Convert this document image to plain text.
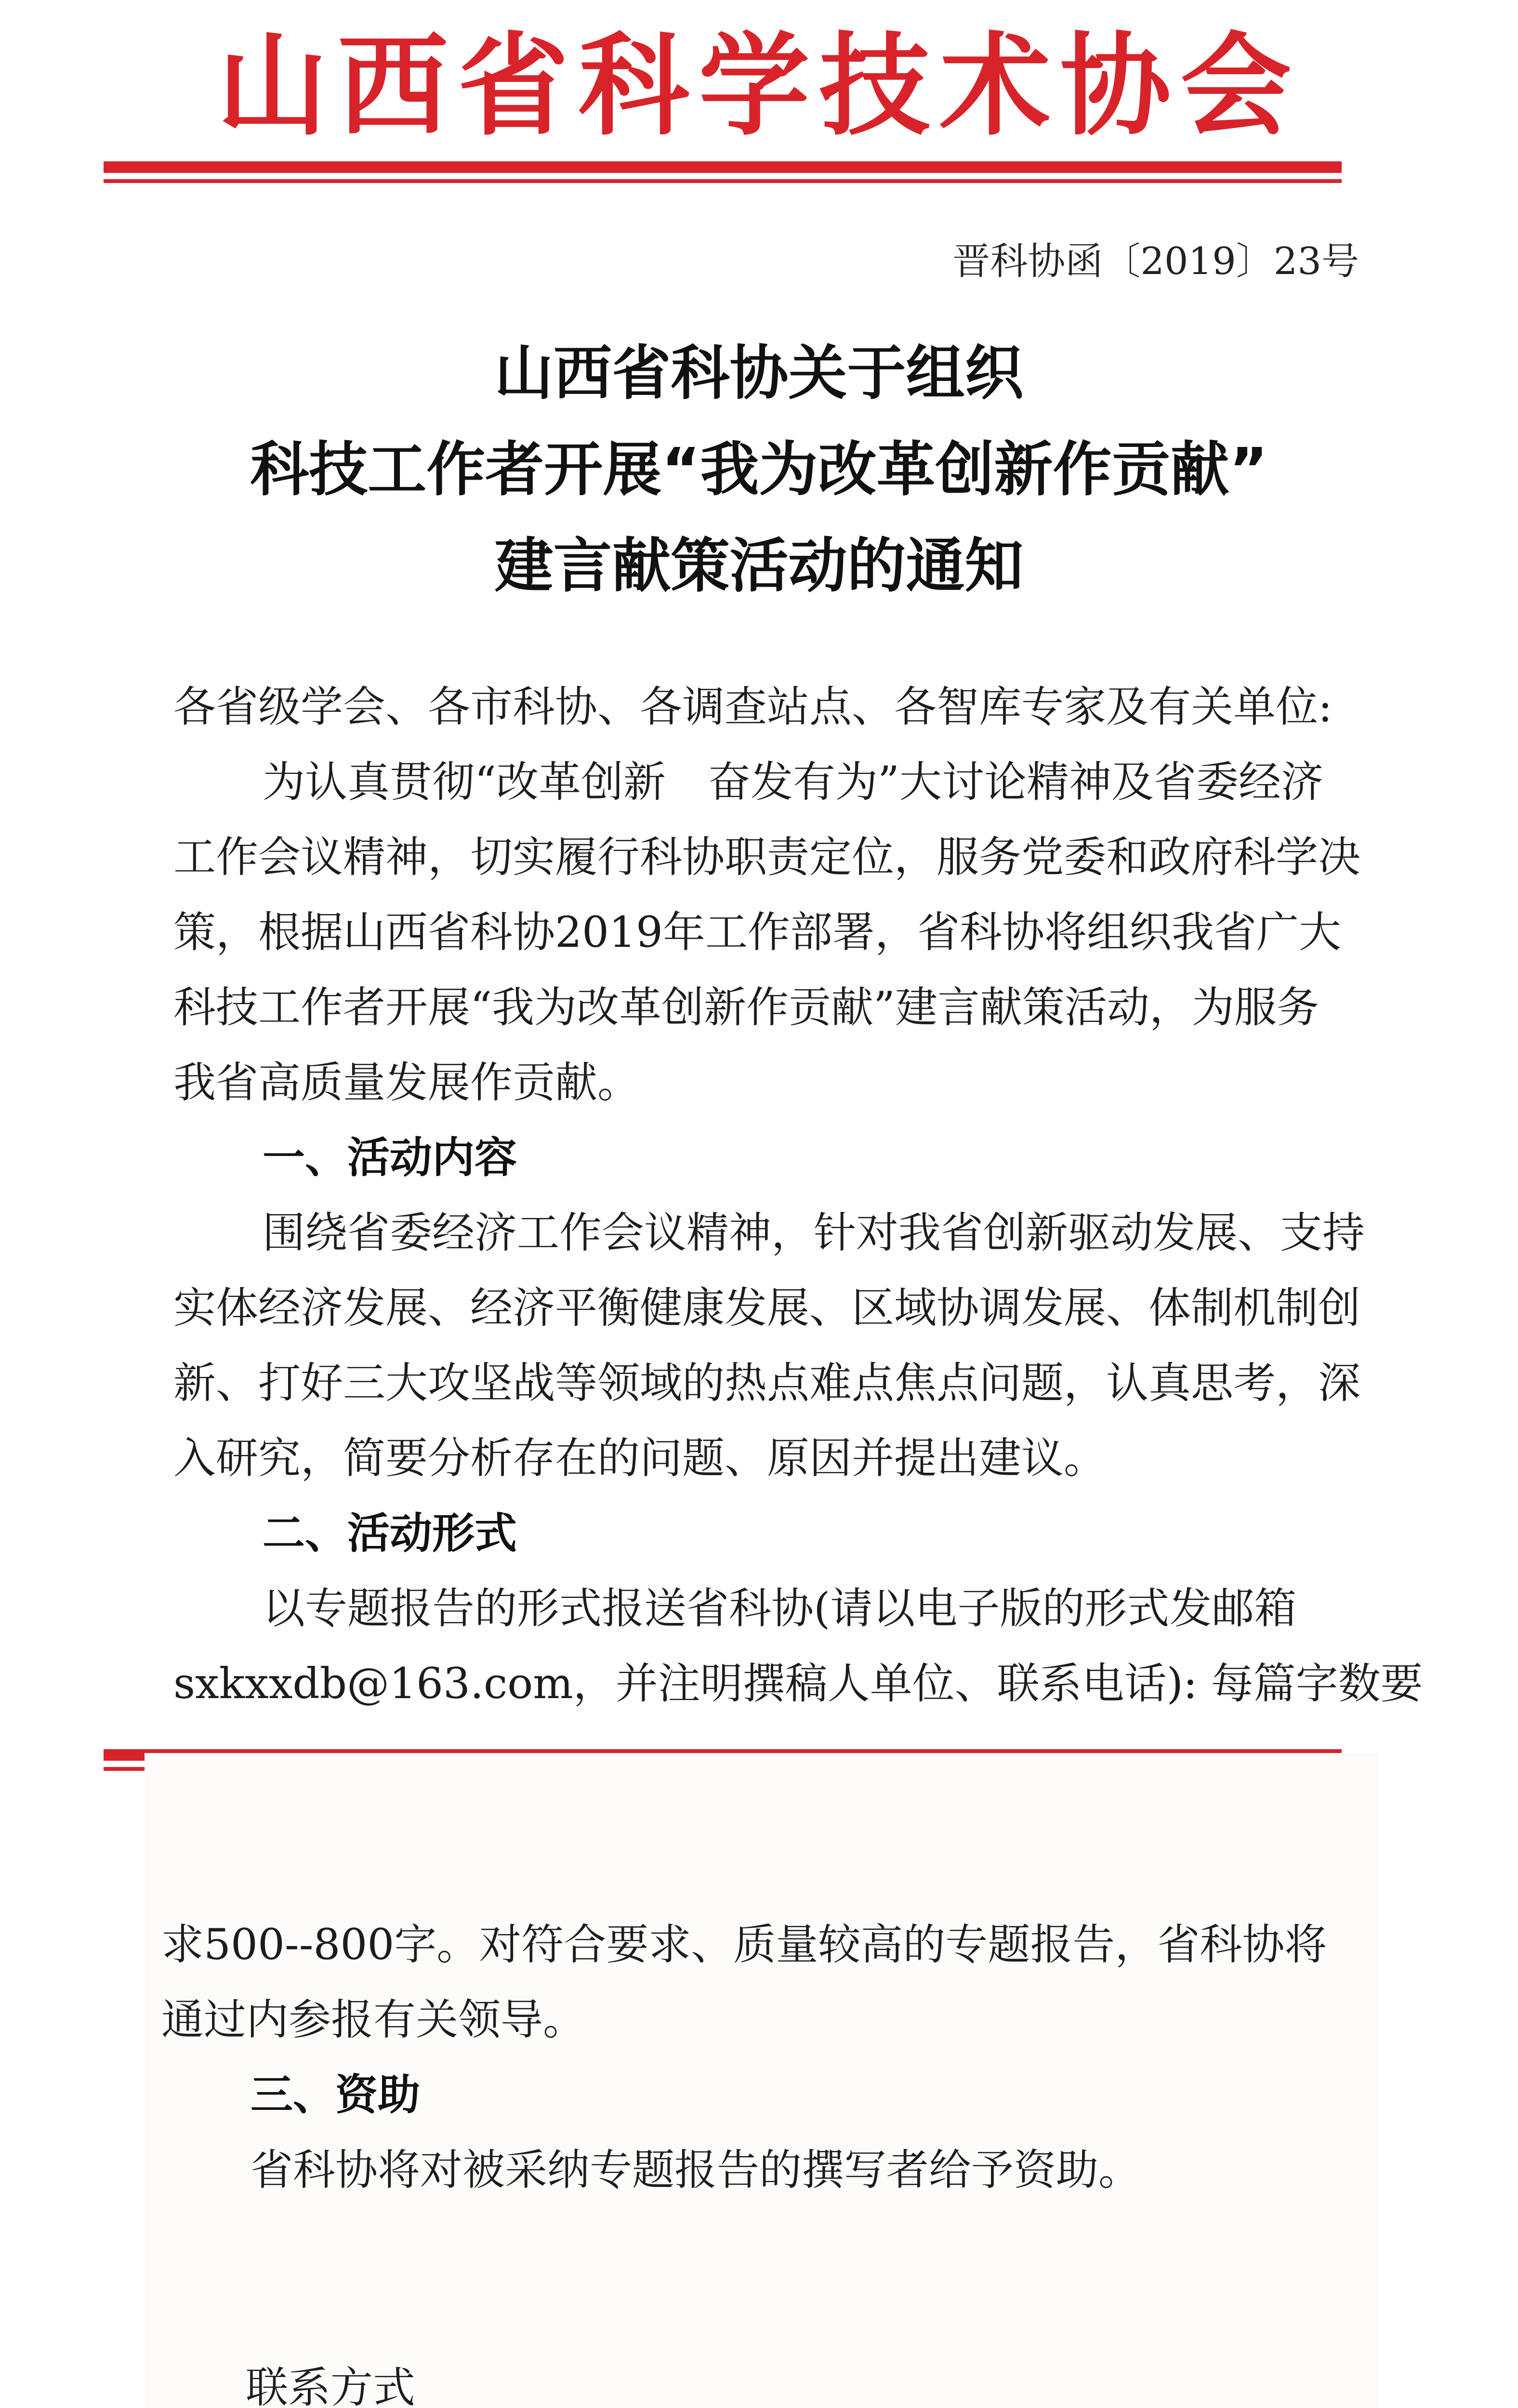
山西省科学技术协会
晋科协函〔2019〕23号
山西省科协关于组织
科技工作者开展“我为改革创新作贡献”
建言献策活动的通知
各省级学会、各市科协、各调查站点、各智库专家及有关单位:
为认真贯彻“改革创新　奋发有为”大讨论精神及省委经济
工作会议精神，切实履行科协职责定位，服务党委和政府科学决
策，根据山西省科协2019年工作部署，省科协将组织我省广大
科技工作者开展“我为改革创新作贡献”建言献策活动，为服务
我省高质量发展作贡献。
一、活动内容
围绕省委经济工作会议精神，针对我省创新驱动发展、支持
实体经济发展、经济平衡健康发展、区域协调发展、体制机制创
新、打好三大攻坚战等领域的热点难点焦点问题，认真思考，深
入研究，简要分析存在的问题、原因并提出建议。
二、活动形式
以专题报告的形式报送省科协(请以电子版的形式发邮箱
sxkxxdb@163.com，并注明撰稿人单位、联系电话): 每篇字数要
求500--800字。对符合要求、质量较高的专题报告，省科协将
通过内参报有关领导。
三、资助
省科协将对被采纳专题报告的撰写者给予资助。
联系方式
